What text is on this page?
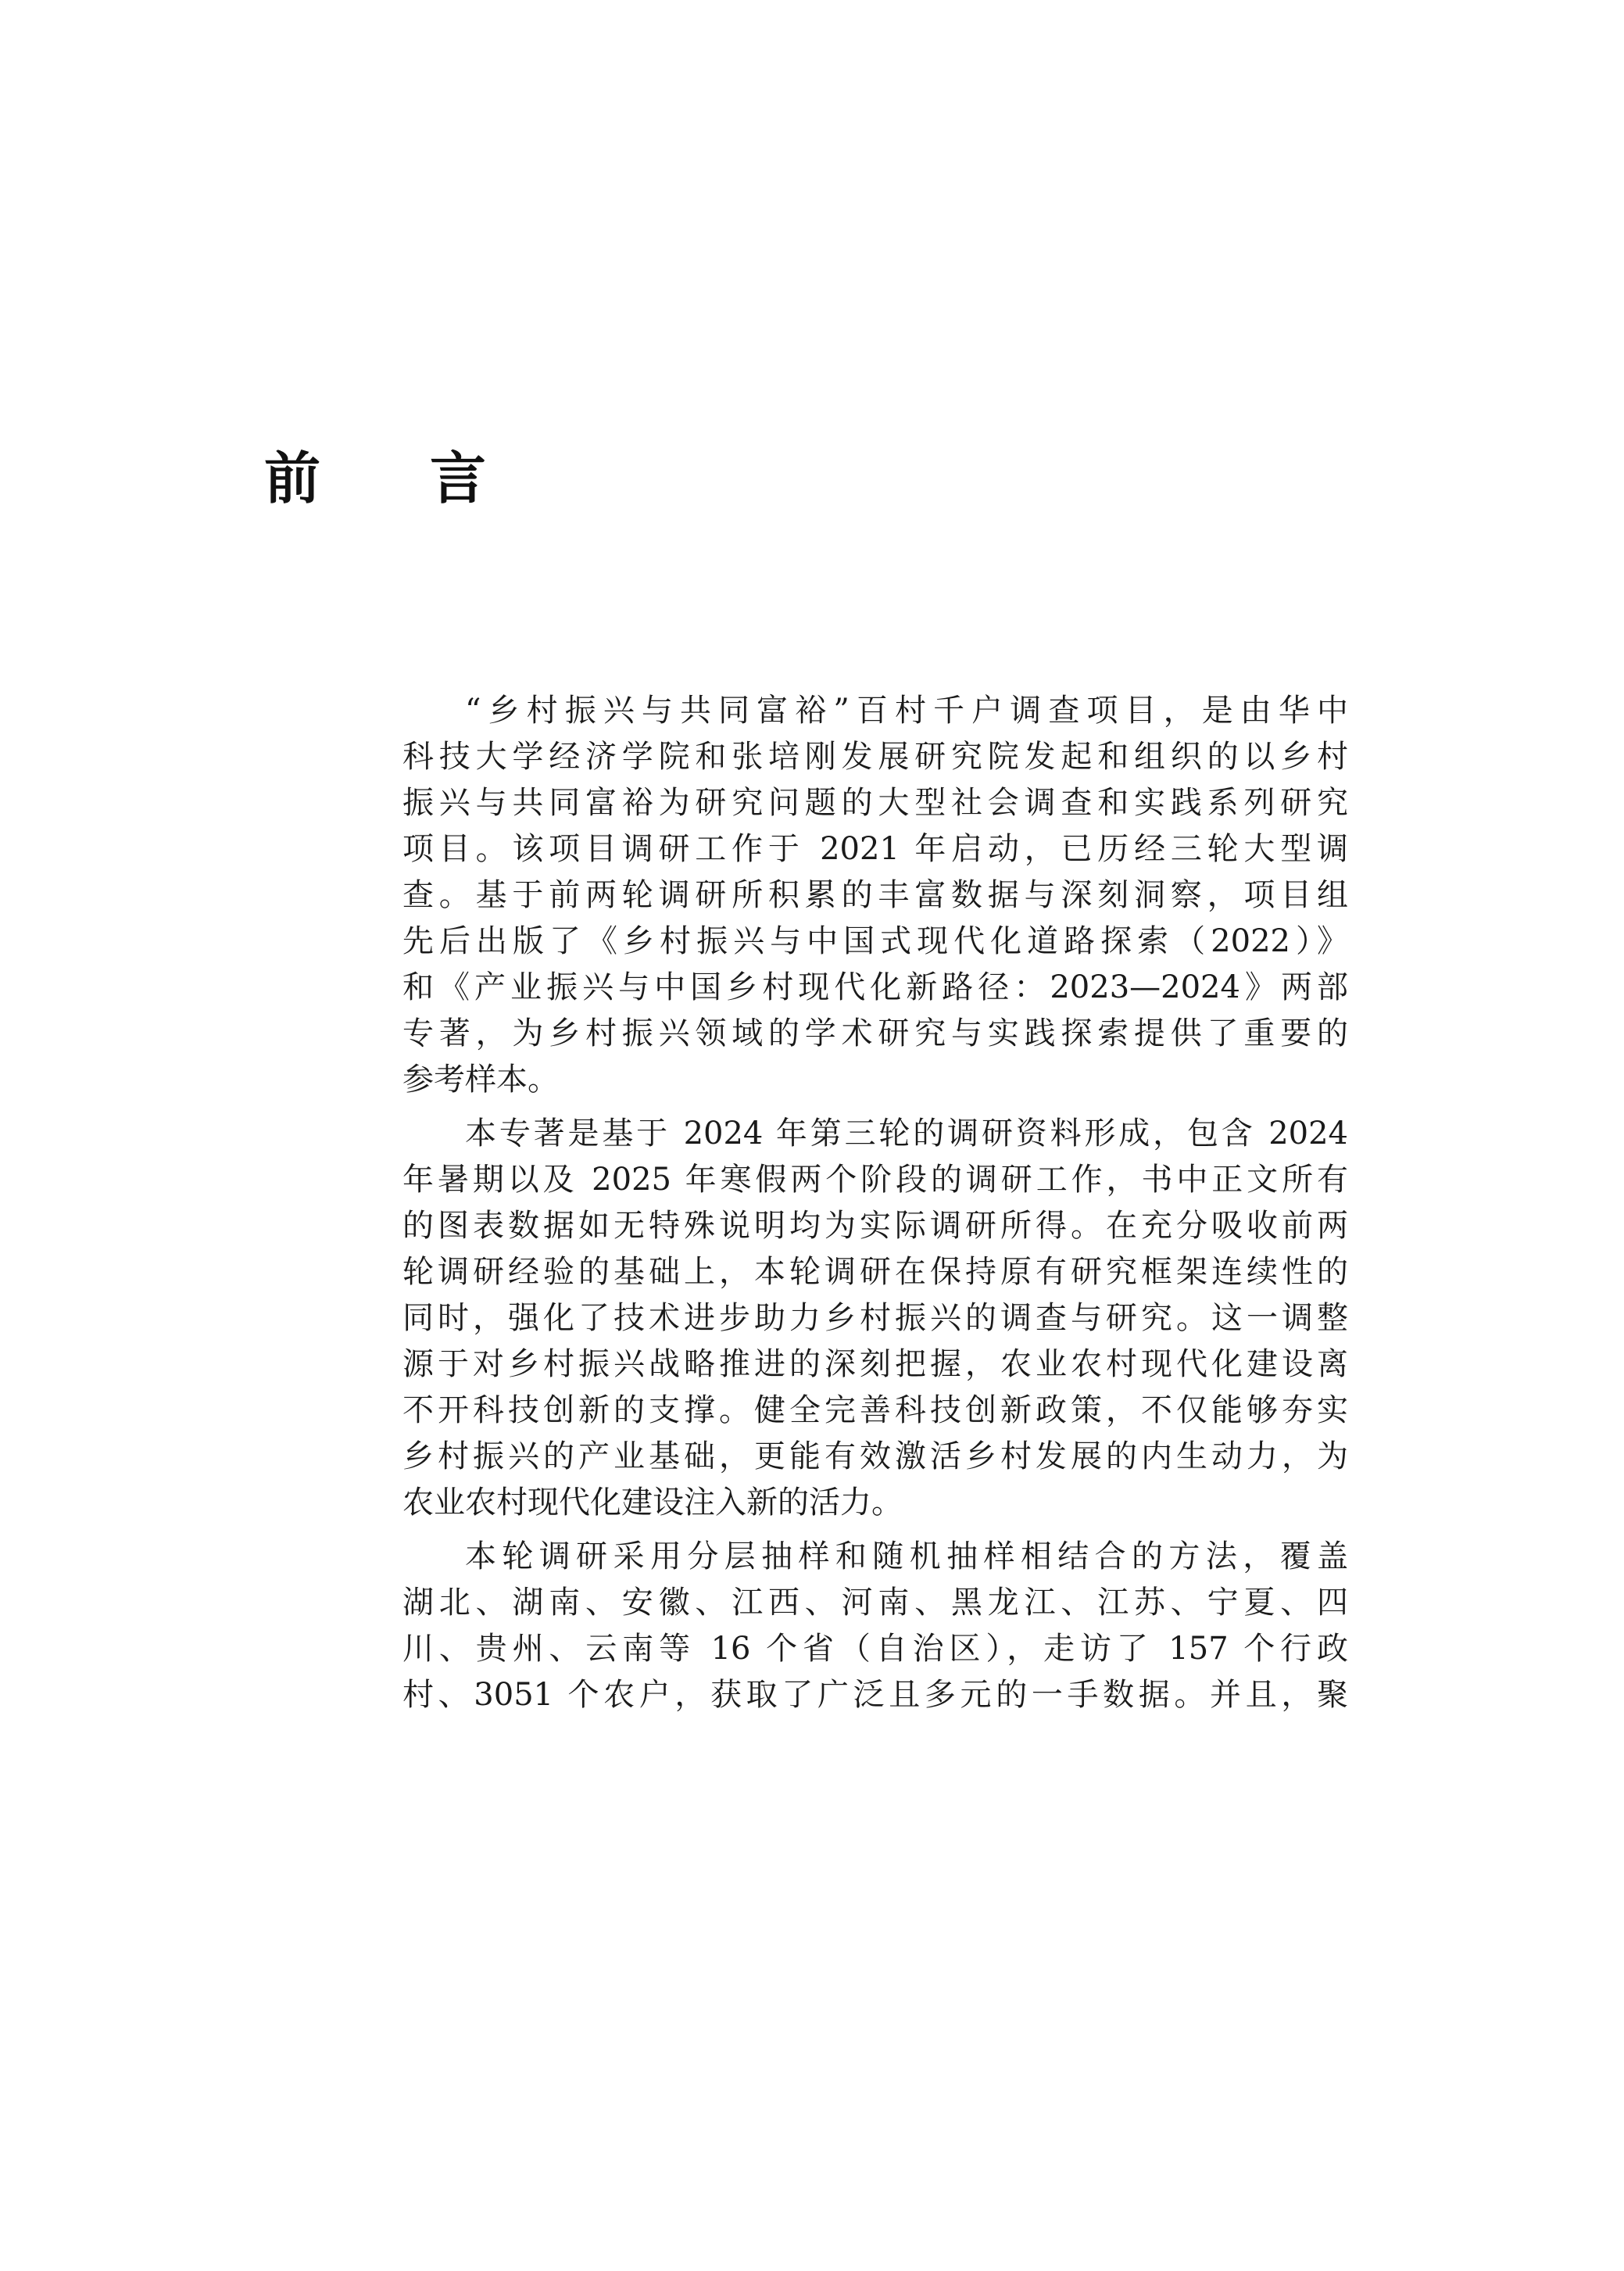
前 言
“乡村振兴与共同富裕”百村千户调查项目，是由华中
科技大学经济学院和张培刚发展研究院发起和组织的以乡村
振兴与共同富裕为研究问题的大型社会调查和实践系列研究
项目。该项目调研工作于 2021 年启动，已历经三轮大型调
查。基于前两轮调研所积累的丰富数据与深刻洞察，项目组
先后出版了《乡村振兴与中国式现代化道路探索（2022）》
和《产业振兴与中国乡村现代化新路径：2023—2024》两部
专著，为乡村振兴领域的学术研究与实践探索提供了重要的
参考样本。
本专著是基于 2024 年第三轮的调研资料形成，包含 2024
年暑期以及 2025 年寒假两个阶段的调研工作，书中正文所有
的图表数据如无特殊说明均为实际调研所得。在充分吸收前两
轮调研经验的基础上，本轮调研在保持原有研究框架连续性的
同时，强化了技术进步助力乡村振兴的调查与研究。这一调整
源于对乡村振兴战略推进的深刻把握，农业农村现代化建设离
不开科技创新的支撑。健全完善科技创新政策，不仅能够夯实
乡村振兴的产业基础，更能有效激活乡村发展的内生动力，为
农业农村现代化建设注入新的活力。
本轮调研采用分层抽样和随机抽样相结合的方法，覆盖
湖北、湖南、安徽、江西、河南、黑龙江、江苏、宁夏、四
川、贵州、云南等 16 个省（自治区），走访了 157 个行政
村、3051 个农户，获取了广泛且多元的一手数据。并且，聚
